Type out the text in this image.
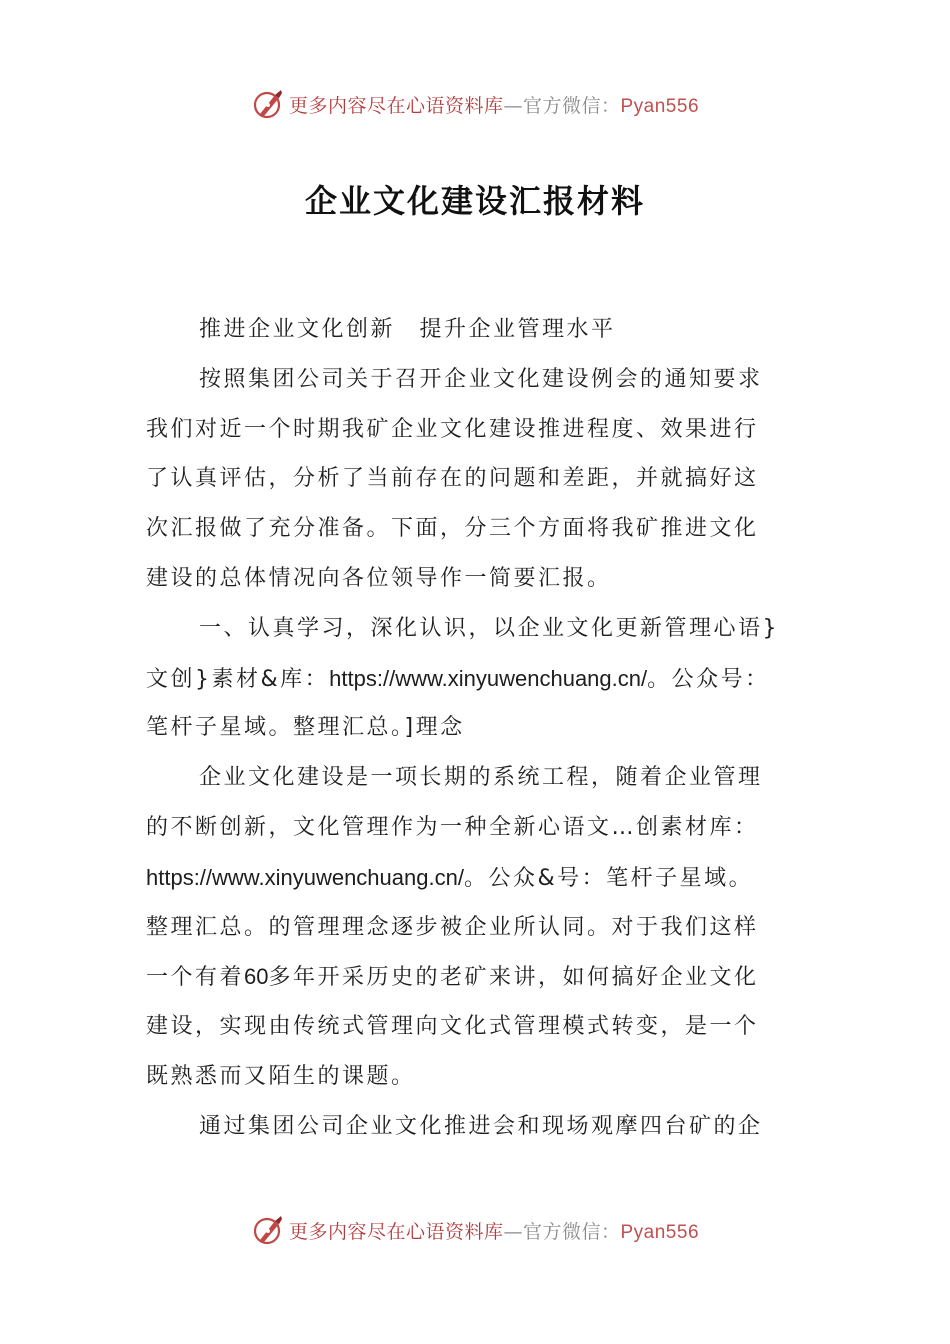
更多内容尽在心语资料库—官方微信：Pyan556
企业文化建设汇报材料
推进企业文化创新　提升企业管理水平
按照集团公司关于召开企业文化建设例会的通知要求
我们对近一个时期我矿企业文化建设推进程度、效果进行
了认真评估，分析了当前存在的问题和差距，并就搞好这
次汇报做了充分准备。下面，分三个方面将我矿推进文化
建设的总体情况向各位领导作一简要汇报。
一、认真学习，深化认识，以企业文化更新管理心语}
文创}素材&库：https://www.xinyuwenchuang.cn/。公众号：
笔杆子星域。整理汇总。]理念
企业文化建设是一项长期的系统工程，随着企业管理
的不断创新，文化管理作为一种全新心语文…创素材库：
https://www.xinyuwenchuang.cn/。公众&号：笔杆子星域。
整理汇总。的管理理念逐步被企业所认同。对于我们这样
一个有着60多年开采历史的老矿来讲，如何搞好企业文化
建设，实现由传统式管理向文化式管理模式转变，是一个
既熟悉而又陌生的课题。
通过集团公司企业文化推进会和现场观摩四台矿的企
更多内容尽在心语资料库—官方微信：Pyan556
